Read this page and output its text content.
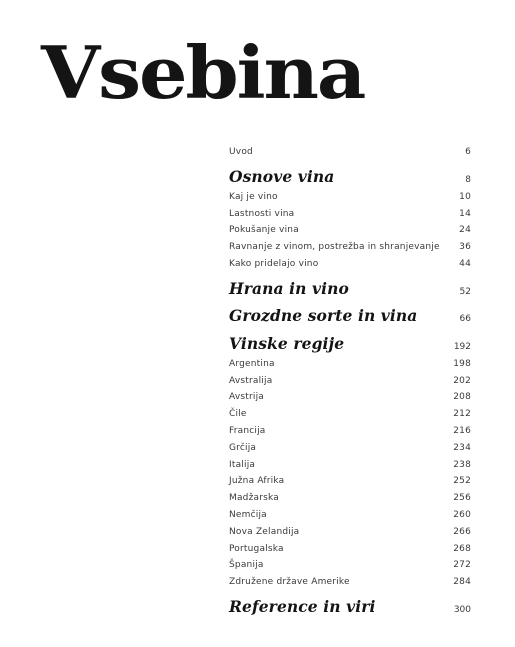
Vsebina
Uvod	6
Osnove vina	8
Kaj je vino	10
Lastnosti vina	14
Pokušanje vina	24
Ravnanje z vinom, postrežba in shranjevanje 36
Kako pridelajo vino	44
Hrana in vino	52
Grozdne sorte in vina	66
Vinske regije	192
Argentina	198
Avstralija	202
Avstrija	208
Čile	212
Francija	216
Grčija	234
Italija	238
Južna Afrika	252
Madžarska	256
Nemčija	260
Nova Zelandija	266
Portugalska	268
Španija	272
Združene države Amerike	284
Reference in viri	300
